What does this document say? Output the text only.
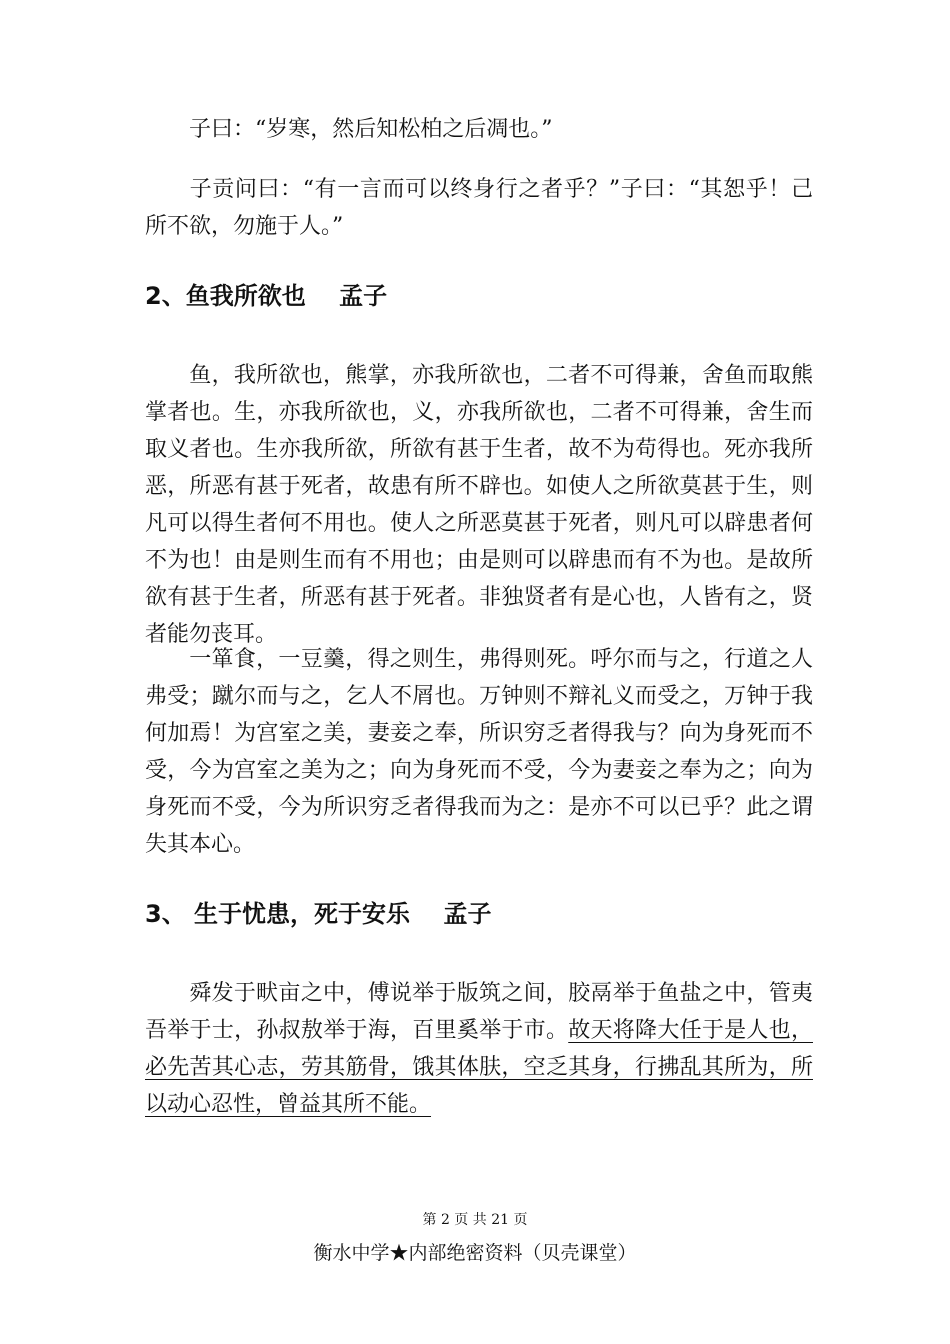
子曰：“岁寒，然后知松柏之后凋也。”

子贡问曰：“有一言而可以终身行之者乎？”子曰：“其恕乎！己所不欲，勿施于人。”

2、鱼我所欲也    孟子

鱼，我所欲也，熊掌，亦我所欲也，二者不可得兼，舍鱼而取熊掌者也。生，亦我所欲也，义，亦我所欲也，二者不可得兼，舍生而取义者也。生亦我所欲，所欲有甚于生者，故不为苟得也。死亦我所恶，所恶有甚于死者，故患有所不辟也。如使人之所欲莫甚于生，则凡可以得生者何不用也。使人之所恶莫甚于死者，则凡可以辟患者何不为也！由是则生而有不用也；由是则可以辟患而有不为也。是故所欲有甚于生者，所恶有甚于死者。非独贤者有是心也，人皆有之，贤者能勿丧耳。

一箪食，一豆羹，得之则生，弗得则死。呼尔而与之，行道之人弗受；蹴尔而与之，乞人不屑也。万钟则不辩礼义而受之，万钟于我何加焉！为宫室之美，妻妾之奉，所识穷乏者得我与？向为身死而不受，今为宫室之美为之；向为身死而不受，今为妻妾之奉为之；向为身死而不受，今为所识穷乏者得我而为之：是亦不可以已乎？此之谓失其本心。

3、 生于忧患，死于安乐    孟子

舜发于畎亩之中，傅说举于版筑之间，胶鬲举于鱼盐之中，管夷吾举于士，孙叔敖举于海，百里奚举于市。故天将降大任于是人也，必先苦其心志，劳其筋骨，饿其体肤，空乏其身，行拂乱其所为，所以动心忍性，曾益其所不能。

第 2 页 共 21 页
衡水中学★内部绝密资料（贝壳课堂）
